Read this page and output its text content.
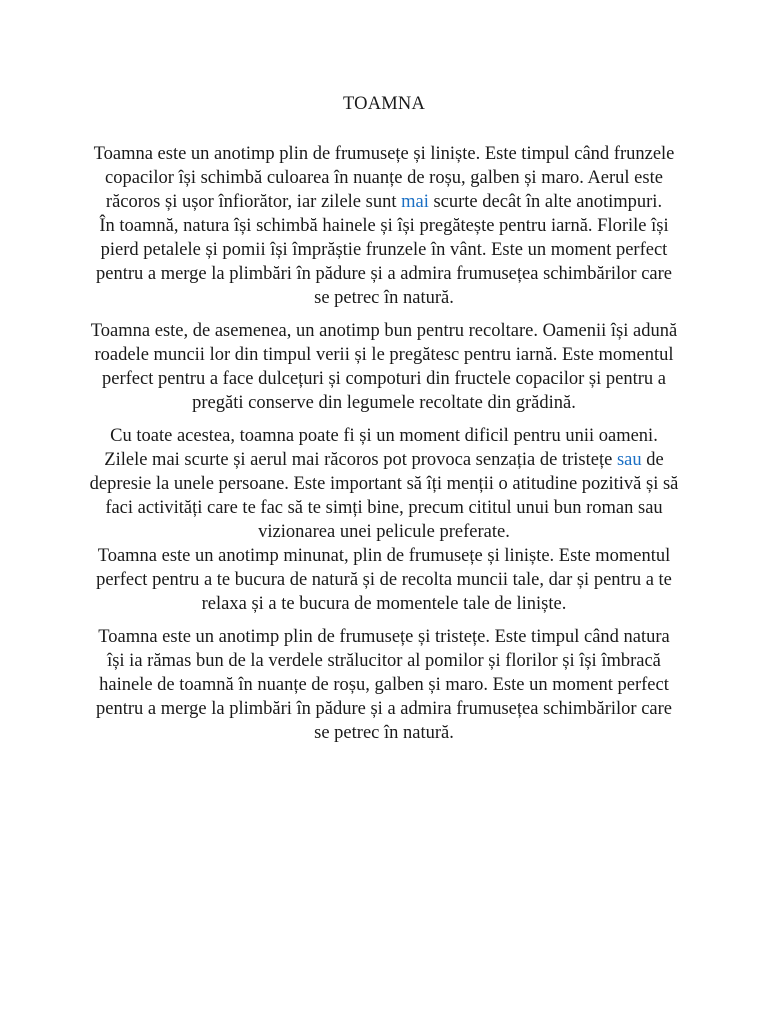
TOAMNA

Toamna este un anotimp plin de frumusețe și liniște. Este timpul când frunzele copacilor își schimbă culoarea în nuanțe de roșu, galben și maro. Aerul este răcoros și ușor înfiorător, iar zilele sunt mai scurte decât în alte anotimpuri.

În toamnă, natura își schimbă hainele și își pregătește pentru iarnă. Florile își pierd petalele și pomii își împrăștie frunzele în vânt. Este un moment perfect pentru a merge la plimbări în pădure și a admira frumusețea schimbărilor care se petrec în natură.

Toamna este, de asemenea, un anotimp bun pentru recoltare. Oamenii își adună roadele muncii lor din timpul verii și le pregătesc pentru iarnă. Este momentul perfect pentru a face dulcețuri și compoturi din fructele copacilor și pentru a pregăti conserve din legumele recoltate din grădină.

Cu toate acestea, toamna poate fi și un moment dificil pentru unii oameni. Zilele mai scurte și aerul mai răcoros pot provoca senzația de tristețe sau de depresie la unele persoane. Este important să îți menții o atitudine pozitivă și să faci activități care te fac să te simți bine, precum cititul unui bun roman sau vizionarea unei pelicule preferate.

Toamna este un anotimp minunat, plin de frumusețe și liniște. Este momentul perfect pentru a te bucura de natură și de recolta muncii tale, dar și pentru a te relaxa și a te bucura de momentele tale de liniște.

Toamna este un anotimp plin de frumusețe și tristețe. Este timpul când natura își ia rămas bun de la verdele strălucitor al pomilor și florilor și își îmbracă hainele de toamnă în nuanțe de roșu, galben și maro. Este un moment perfect pentru a merge la plimbări în pădure și a admira frumusețea schimbărilor care se petrec în natură.
